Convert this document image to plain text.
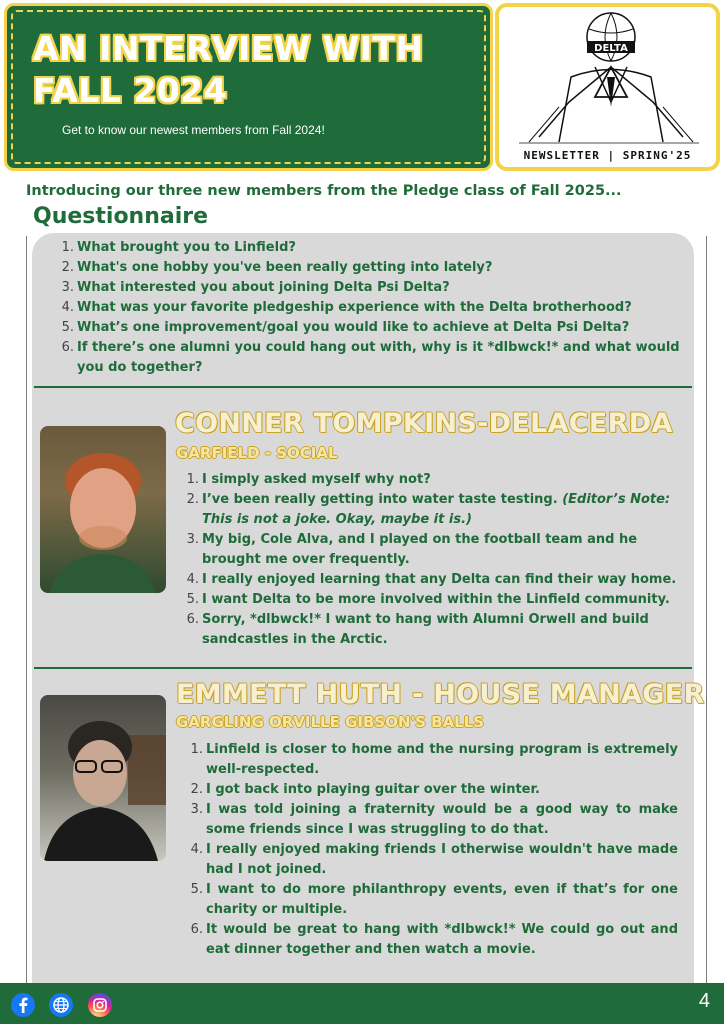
AN INTERVIEW WITH
FALL 2024
Get to know our newest members from Fall 2024!
DELTA
NEWSLETTER | SPRING'25
Introducing our three new members from the Pledge class of Fall 2025...
Questionnaire
1. What brought you to Linfield?
2. What's one hobby you've been really getting into lately?
3. What interested you about joining Delta Psi Delta?
4. What was your favorite pledgeship experience with the Delta brotherhood?
5. What’s one improvement/goal you would like to achieve at Delta Psi Delta?
6. If there’s one alumni you could hang out with, why is it *dlbwck!* and what would you do together?
CONNER TOMPKINS-DELACERDA
GARFIELD - SOCIAL
1. I simply asked myself why not?
2. I’ve been really getting into water taste testing. (Editor’s Note: This is not a joke. Okay, maybe it is.)
3. My big, Cole Alva, and I played on the football team and he brought me over frequently.
4. I really enjoyed learning that any Delta can find their way home.
5. I want Delta to be more involved within the Linfield community.
6. Sorry, *dlbwck!* I want to hang with Alumni Orwell and build sandcastles in the Arctic.
EMMETT HUTH - HOUSE MANAGER
GARGLING ORVILLE GIBSON'S BALLS
1. Linfield is closer to home and the nursing program is extremely well-respected.
2. I got back into playing guitar over the winter.
3. I was told joining a fraternity would be a good way to make some friends since I was struggling to do that.
4. I really enjoyed making friends I otherwise wouldn't have made had I not joined.
5. I want to do more philanthropy events, even if that’s for one charity or multiple.
6. It would be great to hang with *dlbwck!* We could go out and eat dinner together and then watch a movie.
4
